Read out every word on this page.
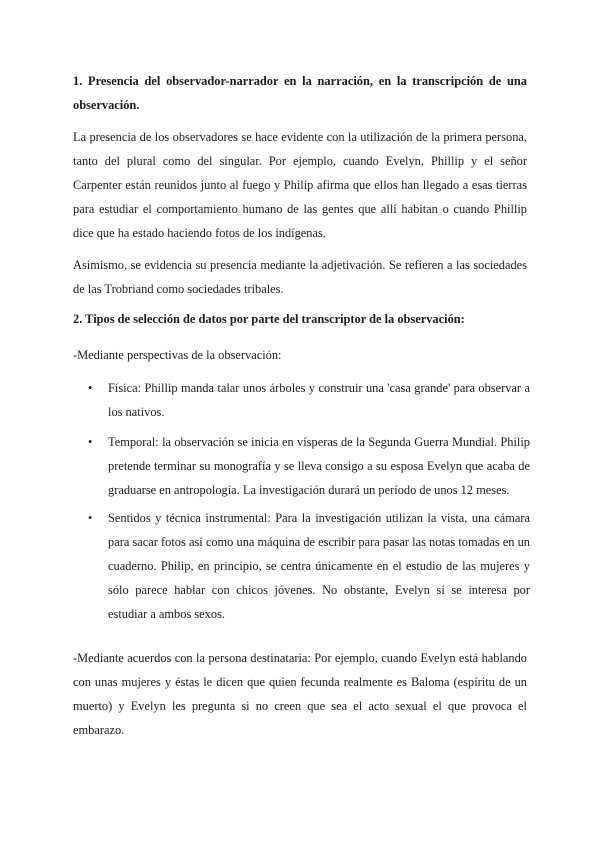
1. Presencia del observador-narrador en la narración, en la transcripción de una observación.

La presencia de los observadores se hace evidente con la utilización de la primera persona, tanto del plural como del singular. Por ejemplo, cuando Evelyn, Phillip y el señor Carpenter están reunidos junto al fuego y Philip afirma que ellos han llegado a esas tierras para estudiar el comportamiento humano de las gentes que allí habitan o cuando Phillip dice que ha estado haciendo fotos de los indígenas.

Asimismo, se evidencia su presencia mediante la adjetivación. Se refieren a las sociedades de las Trobriand como sociedades tribales.

2. Tipos de selección de datos por parte del transcriptor de la observación:

-Mediante perspectivas de la observación:

•	Física: Phillip manda talar unos árboles y construir una 'casa grande' para observar a los nativos.
•	Temporal: la observación se inicia en vísperas de la Segunda Guerra Mundial. Philip pretende terminar su monografía y se lleva consigo a su esposa Evelyn que acaba de graduarse en antropología. La investigación durará un período de unos 12 meses.
•	Sentidos y técnica instrumental: Para la investigación utilizan la vista, una cámara para sacar fotos así como una máquina de escribir para pasar las notas tomadas en un cuaderno. Philip, en principio, se centra únicamente en el estudio de las mujeres y sólo parece hablar con chicos jóvenes. No obstante, Evelyn sí se interesa por estudiar a ambos sexos.

-Mediante acuerdos con la persona destinataria: Por ejemplo, cuando Evelyn está hablando con unas mujeres y éstas le dicen que quien fecunda realmente es Baloma (espíritu de un muerto) y Evelyn les pregunta si no creen que sea el acto sexual el que provoca el embarazo.
